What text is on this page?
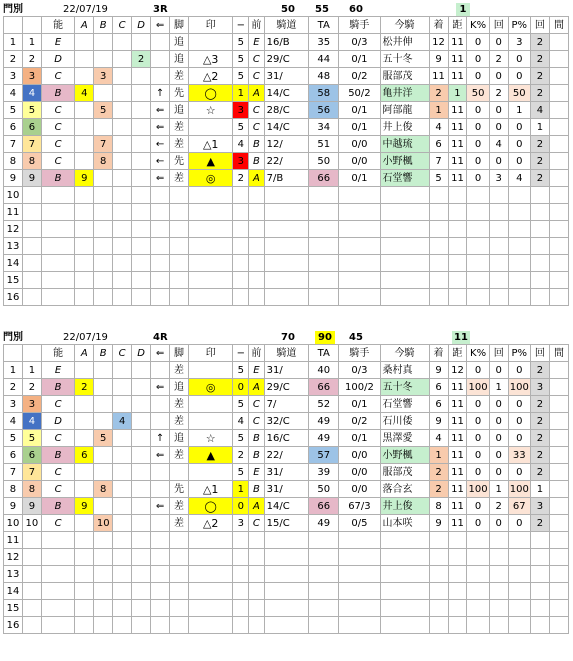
門別	22/07/19	3R	50 55 60	1
		能	A	B	C	D	⇐	脚	印	−	前	騎道	TA	騎手	今騎	着	距	K%	回	P%	回	間
1	1	E						追		5	E	16/B	35	0/3	松井伸	12	11	0	0	3	2	
2	2	D				2		追	△3	5	C	29/C	44	0/1	五十冬	9	11	0	2	0	2	
3	3	C		3				差	△2	5	C	31/	48	0/2	服部茂	11	11	0	0	0	2	
4	4	B	4				↑	先	◯	1	A	14/C	58	50/2	亀井洋	2	1	50	2	50	2	
5	5	C		5			⇐	追	☆	3	C	28/C	56	0/1	阿部龍	1	11	0	0	1	4	
6	6	C					⇐	差		5	C	14/C	34	0/1	井上俊	4	11	0	0	0	1	
7	7	C		7			←	差	△1	4	B	12/	51	0/0	中越琉	6	11	0	4	0	2	
8	8	C		8			←	先	▲	3	B	22/	50	0/0	小野楓	7	11	0	0	0	2	
9	9	B	9				⇐	差	◎	2	A	7/B	66	0/1	石堂響	5	11	0	3	4	2	
10																						
11																						
12																						
13																						
14																						
15																						
16																						
門別	22/07/19	4R	70	90	45	11
		能	A	B	C	D	⇐	脚	印	−	前	騎道	TA	騎手	今騎	着	距	K%	回	P%	回	間
1	1	E						差		5	E	31/	40	0/3	桑村真	9	12	0	0	0	2	
2	2	B	2				⇐	追	◎	0	A	29/C	66	100/2	五十冬	6	11	100	1	100	3	
3	3	C						差		5	C	7/	52	0/1	石堂響	6	11	0	0	0	2	
4	4	D			4			差		4	C	32/C	49	0/2	石川倭	9	11	0	0	0	2	
5	5	C		5			↑	追	☆	5	B	16/C	49	0/1	黒澤愛	4	11	0	0	0	2	
6	6	B	6				⇐	差	▲	2	B	22/	57	0/0	小野楓	1	11	0	0	33	2	
7	7	C								5	E	31/	39	0/0	服部茂	2	11	0	0	0	2	
8	8	C		8				先	△1	1	B	31/	50	0/0	落合玄	2	11	100	1	100	1	
9	9	B	9				⇐	差	◯	0	A	14/C	66	67/3	井上俊	8	11	0	2	67	3	
10	10	C		10				差	△2	3	C	15/C	49	0/5	山本咲	9	11	0	0	0	2	
11																						
12																						
13																						
14																						
15																						
16																						
